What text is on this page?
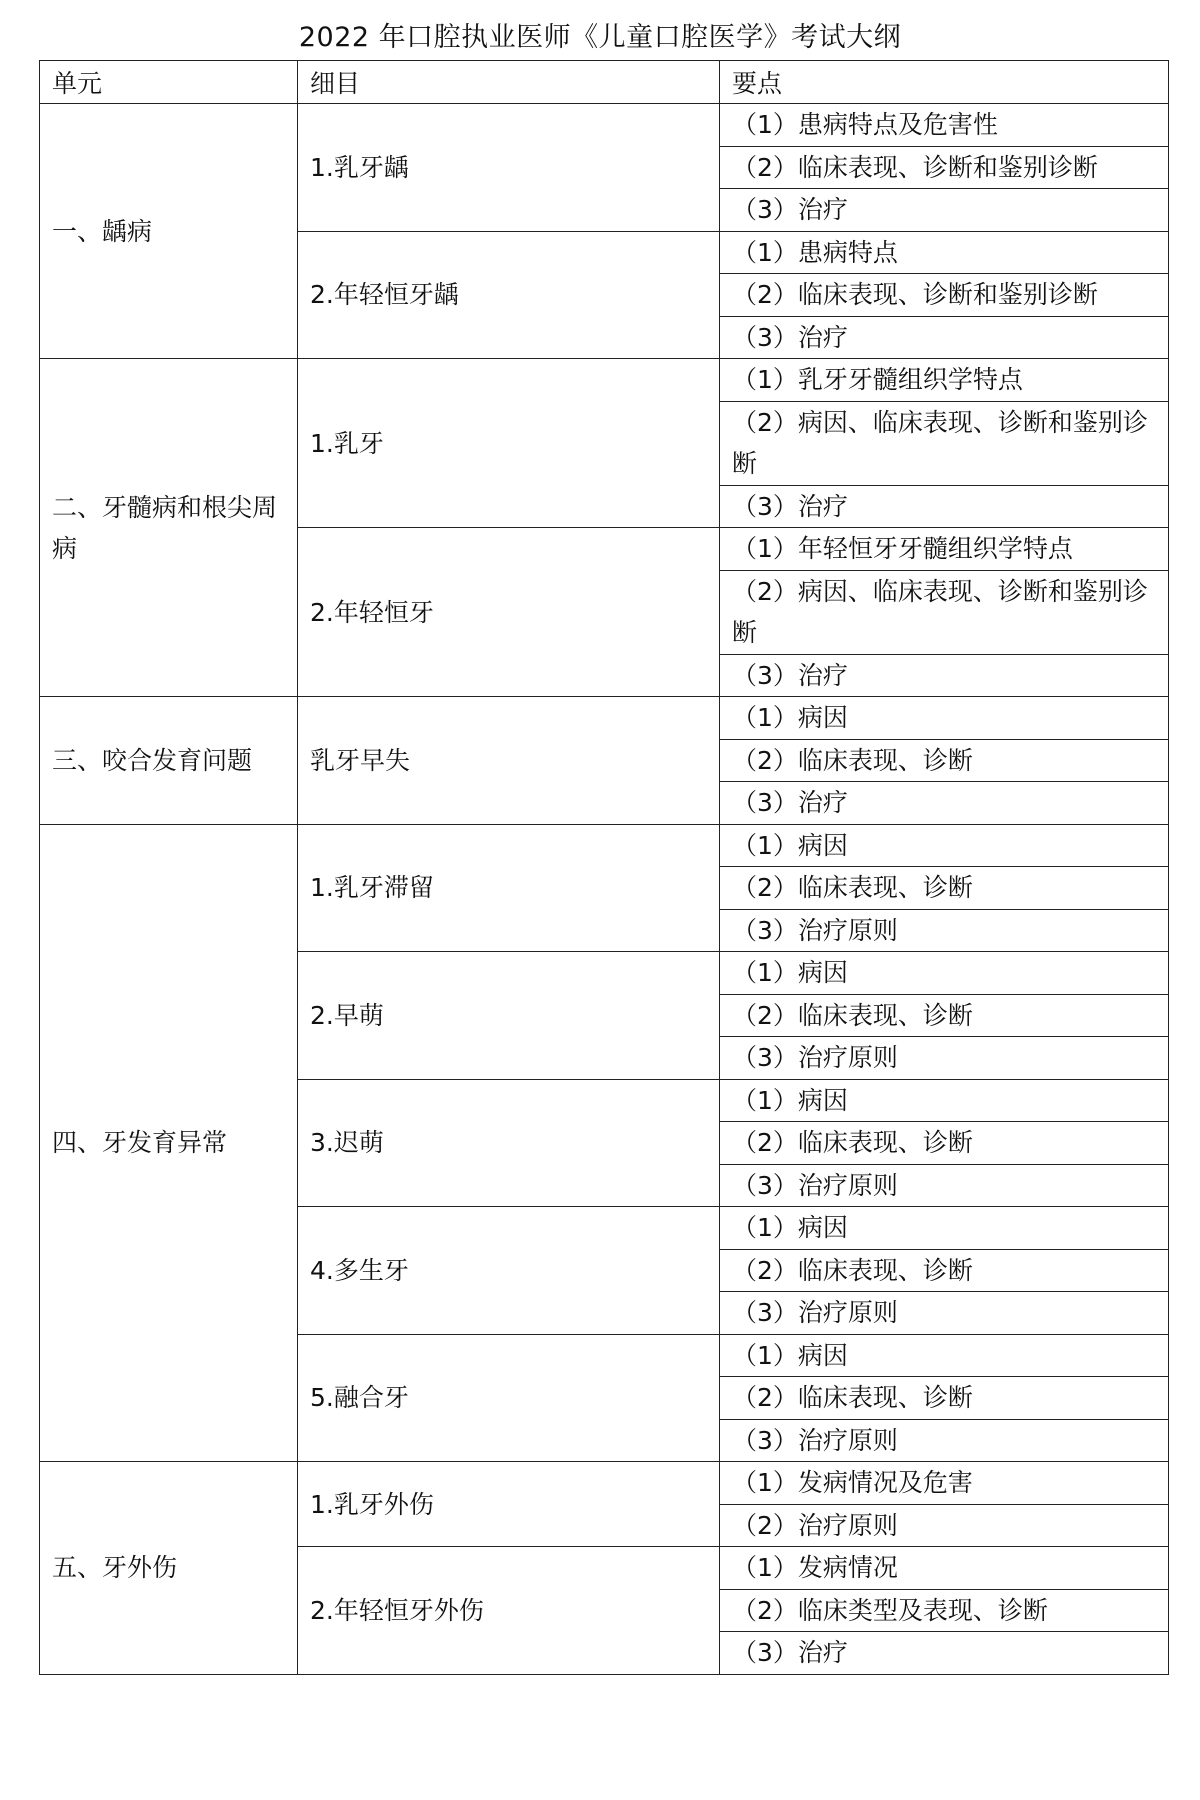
2022 年口腔执业医师《儿童口腔医学》考试大纲
单元	细目	要点
一、龋病	1.乳牙龋	（1）患病特点及危害性
		（2）临床表现、诊断和鉴别诊断
		（3）治疗
	2.年轻恒牙龋	（1）患病特点
		（2）临床表现、诊断和鉴别诊断
		（3）治疗
二、牙髓病和根尖周病	1.乳牙	（1）乳牙牙髓组织学特点
		（2）病因、临床表现、诊断和鉴别诊断
		（3）治疗
	2.年轻恒牙	（1）年轻恒牙牙髓组织学特点
		（2）病因、临床表现、诊断和鉴别诊断
		（3）治疗
三、咬合发育问题	乳牙早失	（1）病因
		（2）临床表现、诊断
		（3）治疗
四、牙发育异常	1.乳牙滞留	（1）病因
		（2）临床表现、诊断
		（3）治疗原则
	2.早萌	（1）病因
		（2）临床表现、诊断
		（3）治疗原则
	3.迟萌	（1）病因
		（2）临床表现、诊断
		（3）治疗原则
	4.多生牙	（1）病因
		（2）临床表现、诊断
		（3）治疗原则
	5.融合牙	（1）病因
		（2）临床表现、诊断
		（3）治疗原则
五、牙外伤	1.乳牙外伤	（1）发病情况及危害
		（2）治疗原则
	2.年轻恒牙外伤	（1）发病情况
		（2）临床类型及表现、诊断
		（3）治疗
